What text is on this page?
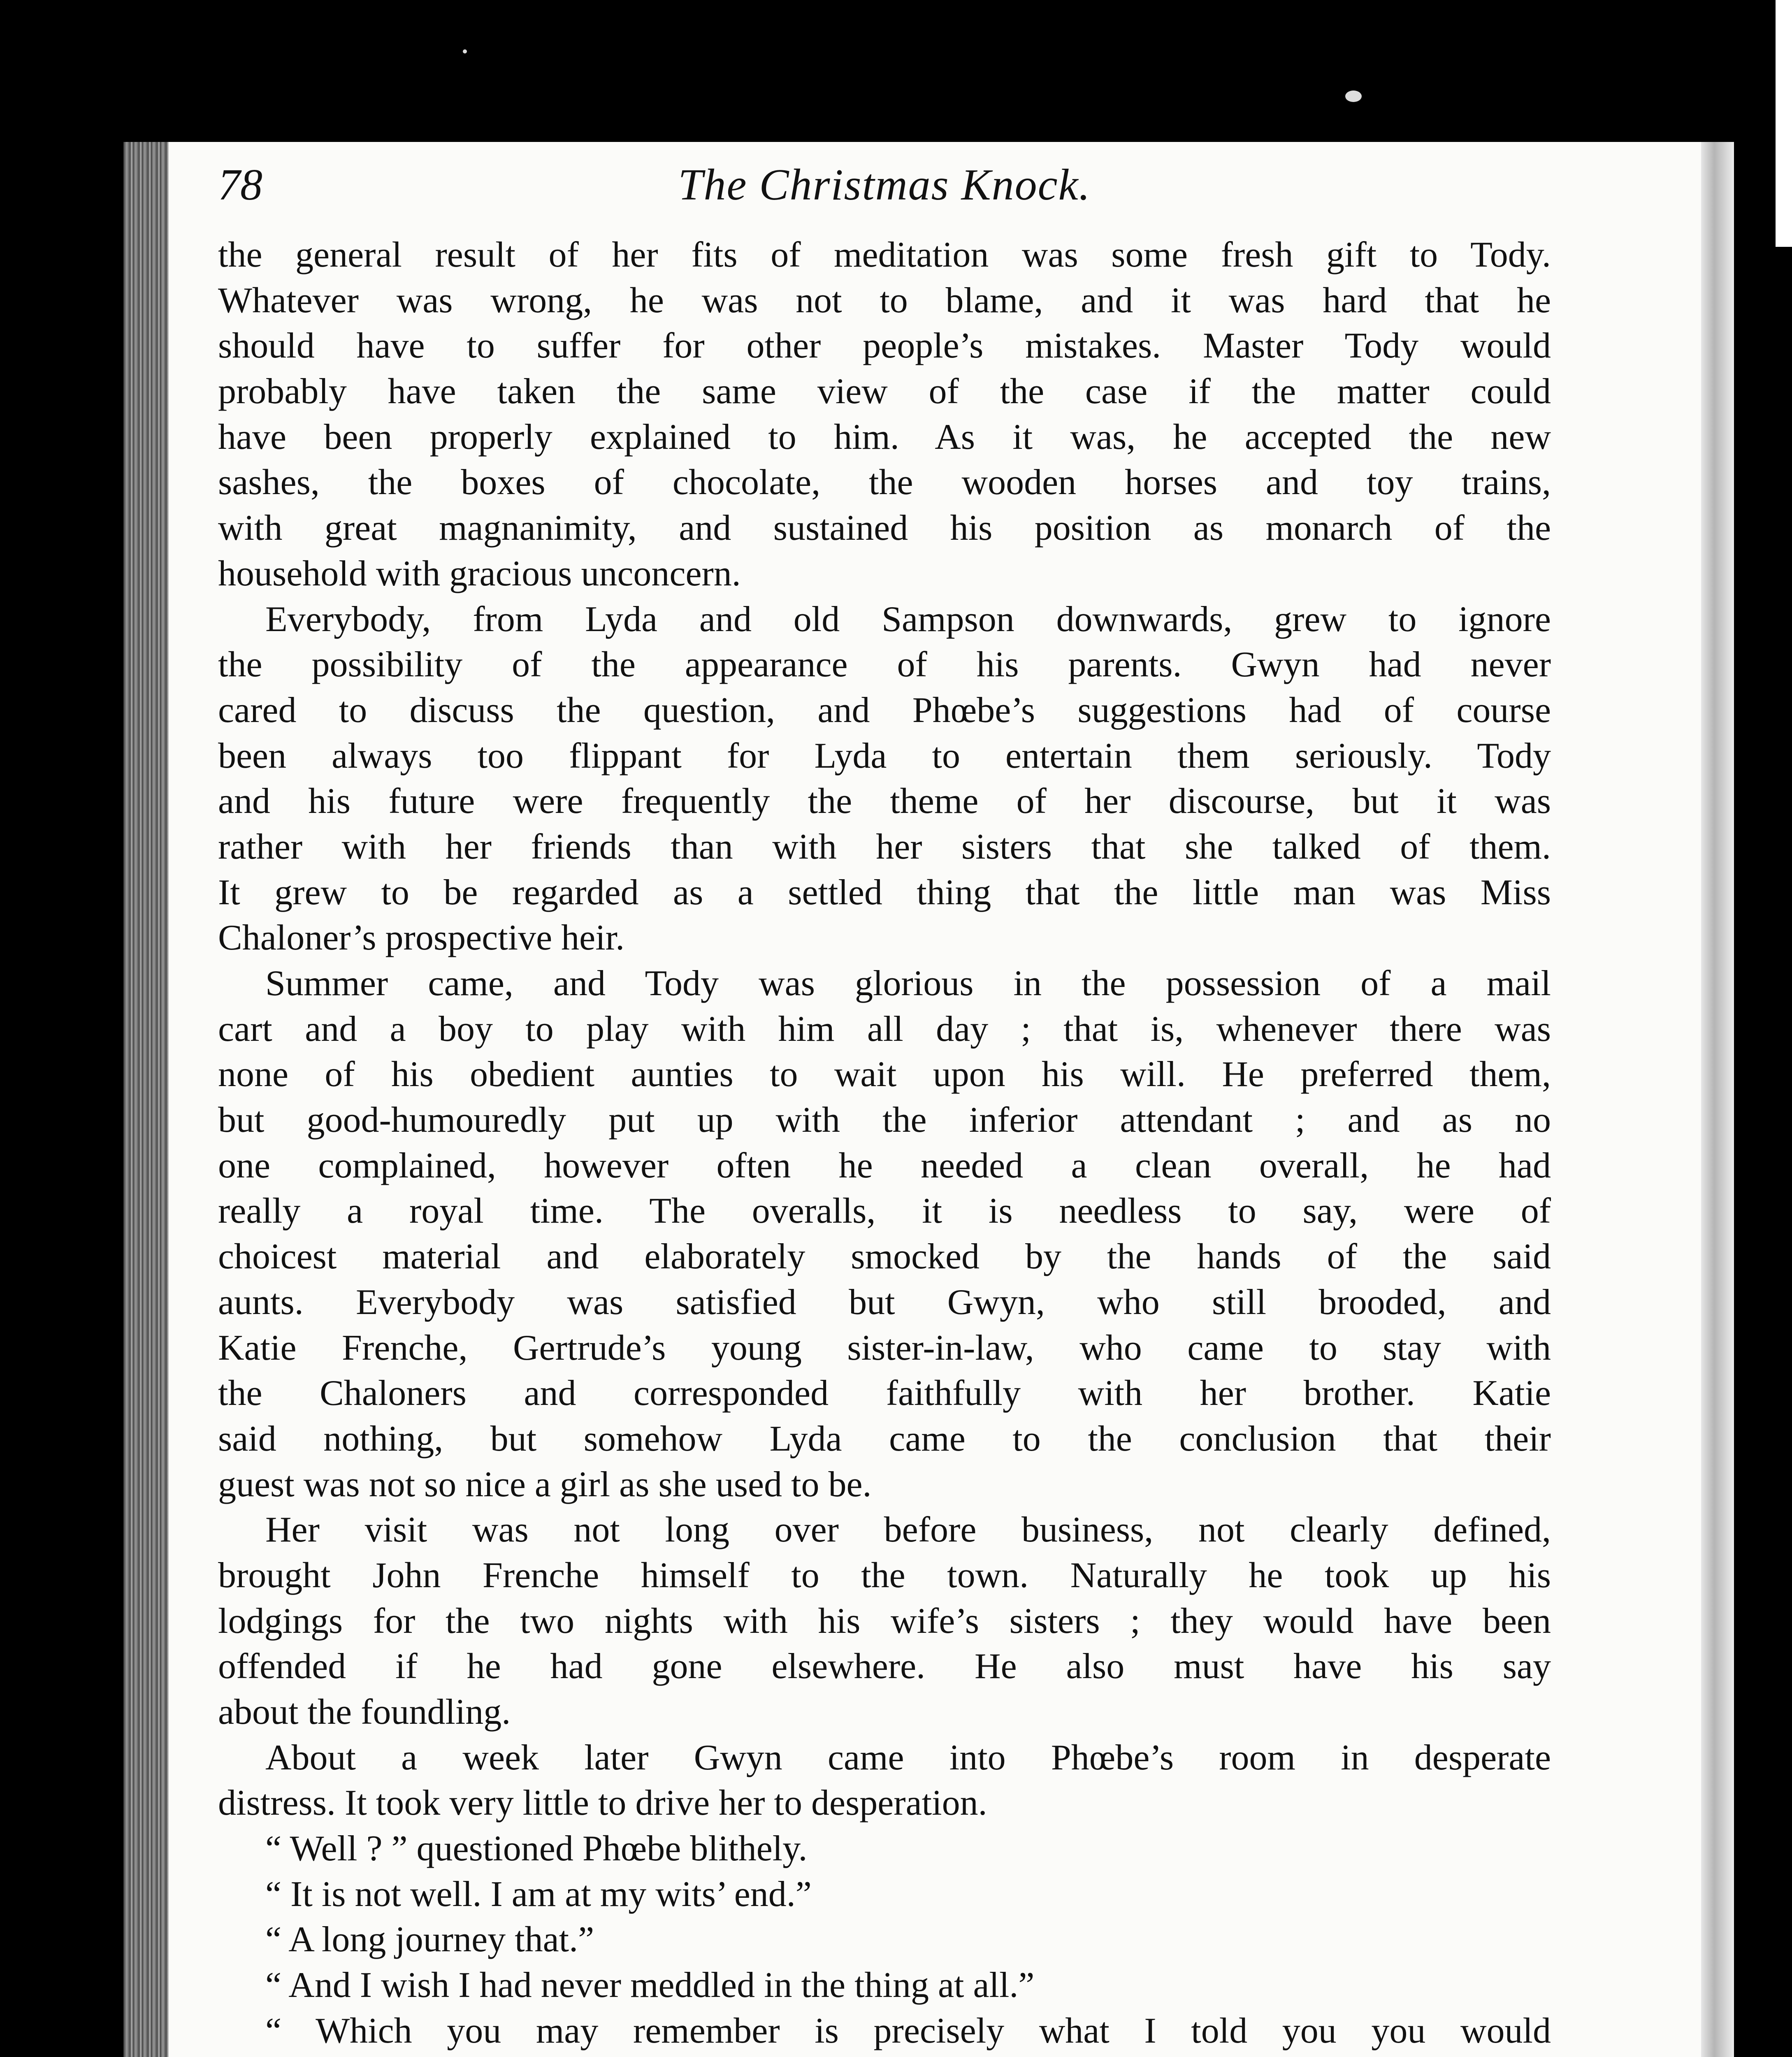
78	The Christmas Knock.
the general result of her fits of meditation was some fresh gift to Tody.
Whatever was wrong, he was not to blame, and it was hard that he
should have to suffer for other people’s mistakes. Master Tody would
probably have taken the same view of the case if the matter could
have been properly explained to him. As it was, he accepted the new
sashes, the boxes of chocolate, the wooden horses and toy trains,
with great magnanimity, and sustained his position as monarch of the
household with gracious unconcern.
Everybody, from Lyda and old Sampson downwards, grew to ignore
the possibility of the appearance of his parents. Gwyn had never
cared to discuss the question, and Phœbe’s suggestions had of course
been always too flippant for Lyda to entertain them seriously. Tody
and his future were frequently the theme of her discourse, but it was
rather with her friends than with her sisters that she talked of them.
It grew to be regarded as a settled thing that the little man was Miss
Chaloner’s prospective heir.
Summer came, and Tody was glorious in the possession of a mail
cart and a boy to play with him all day ; that is, whenever there was
none of his obedient aunties to wait upon his will. He preferred them,
but good-humouredly put up with the inferior attendant ; and as no
one complained, however often he needed a clean overall, he had
really a royal time. The overalls, it is needless to say, were of
choicest material and elaborately smocked by the hands of the said
aunts. Everybody was satisfied but Gwyn, who still brooded, and
Katie Frenche, Gertrude’s young sister-in-law, who came to stay with
the Chaloners and corresponded faithfully with her brother. Katie
said nothing, but somehow Lyda came to the conclusion that their
guest was not so nice a girl as she used to be.
Her visit was not long over before business, not clearly defined,
brought John Frenche himself to the town. Naturally he took up his
lodgings for the two nights with his wife’s sisters ; they would have been
offended if he had gone elsewhere. He also must have his say
about the foundling.
About a week later Gwyn came into Phœbe’s room in desperate
distress. It took very little to drive her to desperation.
“ Well ? ” questioned Phœbe blithely.
“ It is not well. I am at my wits’ end.”
“ A long journey that.”
“ And I wish I had never meddled in the thing at all.”
“ Which you may remember is precisely what I told you you would
